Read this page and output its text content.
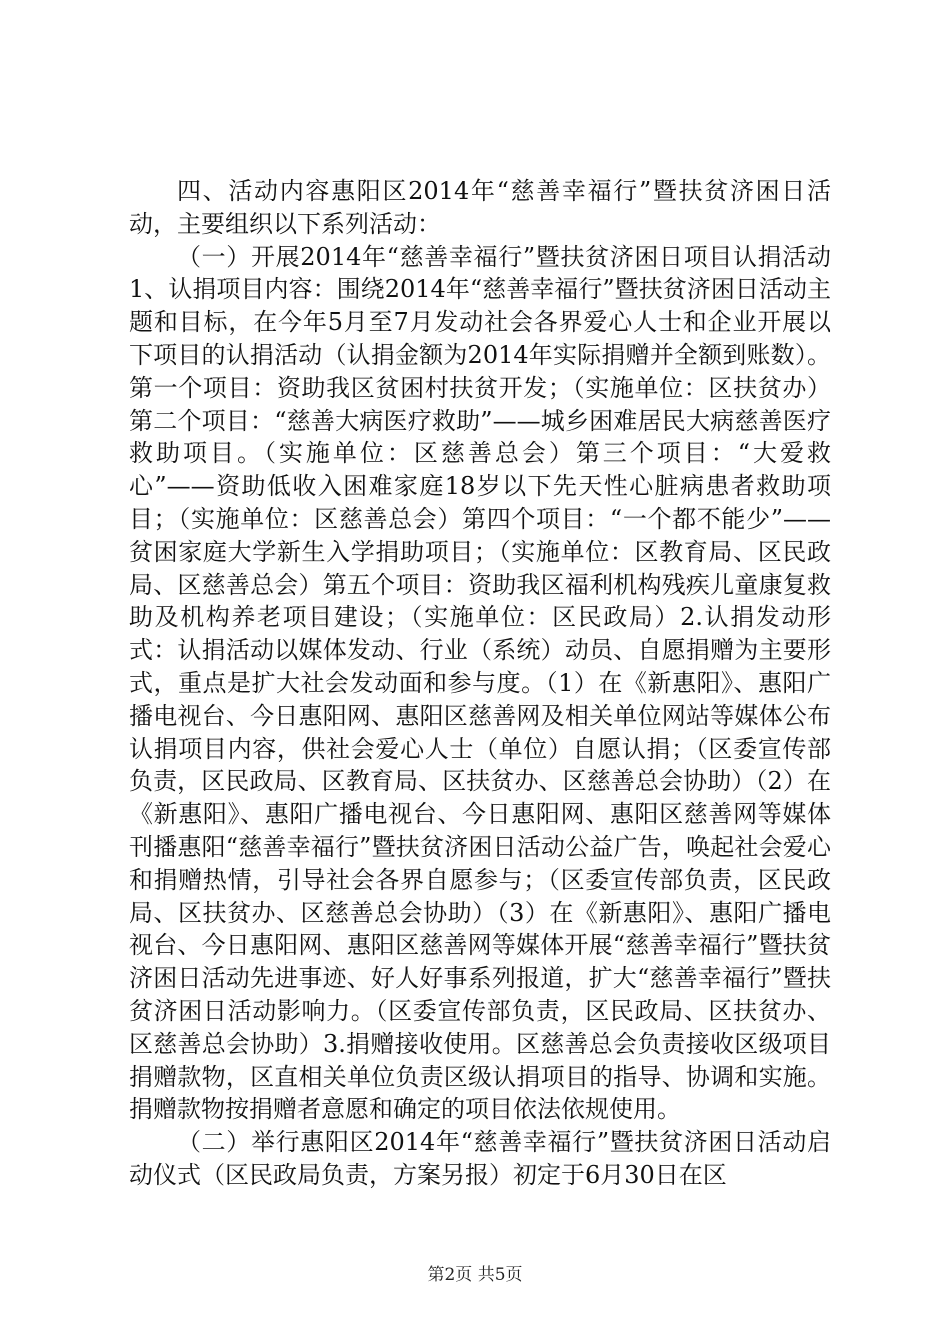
四、活动内容惠阳区2014年“慈善幸福行”暨扶贫济困日活动，主要组织以下系列活动：

（一）开展2014年“慈善幸福行”暨扶贫济困日项目认捐活动1、认捐项目内容：围绕2014年“慈善幸福行”暨扶贫济困日活动主题和目标，在今年5月至7月发动社会各界爱心人士和企业开展以下项目的认捐活动（认捐金额为2014年实际捐赠并全额到账数）。第一个项目：资助我区贫困村扶贫开发；（实施单位：区扶贫办）第二个项目：“慈善大病医疗救助”——城乡困难居民大病慈善医疗救助项目。（实施单位：区慈善总会）第三个项目：“大爱救心”——资助低收入困难家庭18岁以下先天性心脏病患者救助项目；（实施单位：区慈善总会）第四个项目：“一个都不能少”——贫困家庭大学新生入学捐助项目；（实施单位：区教育局、区民政局、区慈善总会）第五个项目：资助我区福利机构残疾儿童康复救助及机构养老项目建设；（实施单位：区民政局）2.认捐发动形式：认捐活动以媒体发动、行业（系统）动员、自愿捐赠为主要形式，重点是扩大社会发动面和参与度。（1）在《新惠阳》、惠阳广播电视台、今日惠阳网、惠阳区慈善网及相关单位网站等媒体公布认捐项目内容，供社会爱心人士（单位）自愿认捐；（区委宣传部负责，区民政局、区教育局、区扶贫办、区慈善总会协助）（2）在《新惠阳》、惠阳广播电视台、今日惠阳网、惠阳区慈善网等媒体刊播惠阳“慈善幸福行”暨扶贫济困日活动公益广告，唤起社会爱心和捐赠热情，引导社会各界自愿参与；（区委宣传部负责，区民政局、区扶贫办、区慈善总会协助）（3）在《新惠阳》、惠阳广播电视台、今日惠阳网、惠阳区慈善网等媒体开展“慈善幸福行”暨扶贫济困日活动先进事迹、好人好事系列报道，扩大“慈善幸福行”暨扶贫济困日活动影响力。（区委宣传部负责，区民政局、区扶贫办、区慈善总会协助）3.捐赠接收使用。区慈善总会负责接收区级项目捐赠款物，区直相关单位负责区级认捐项目的指导、协调和实施。捐赠款物按捐赠者意愿和确定的项目依法依规使用。

（二）举行惠阳区2014年“慈善幸福行”暨扶贫济困日活动启动仪式（区民政局负责，方案另报）初定于6月30日在区

第2页 共5页
